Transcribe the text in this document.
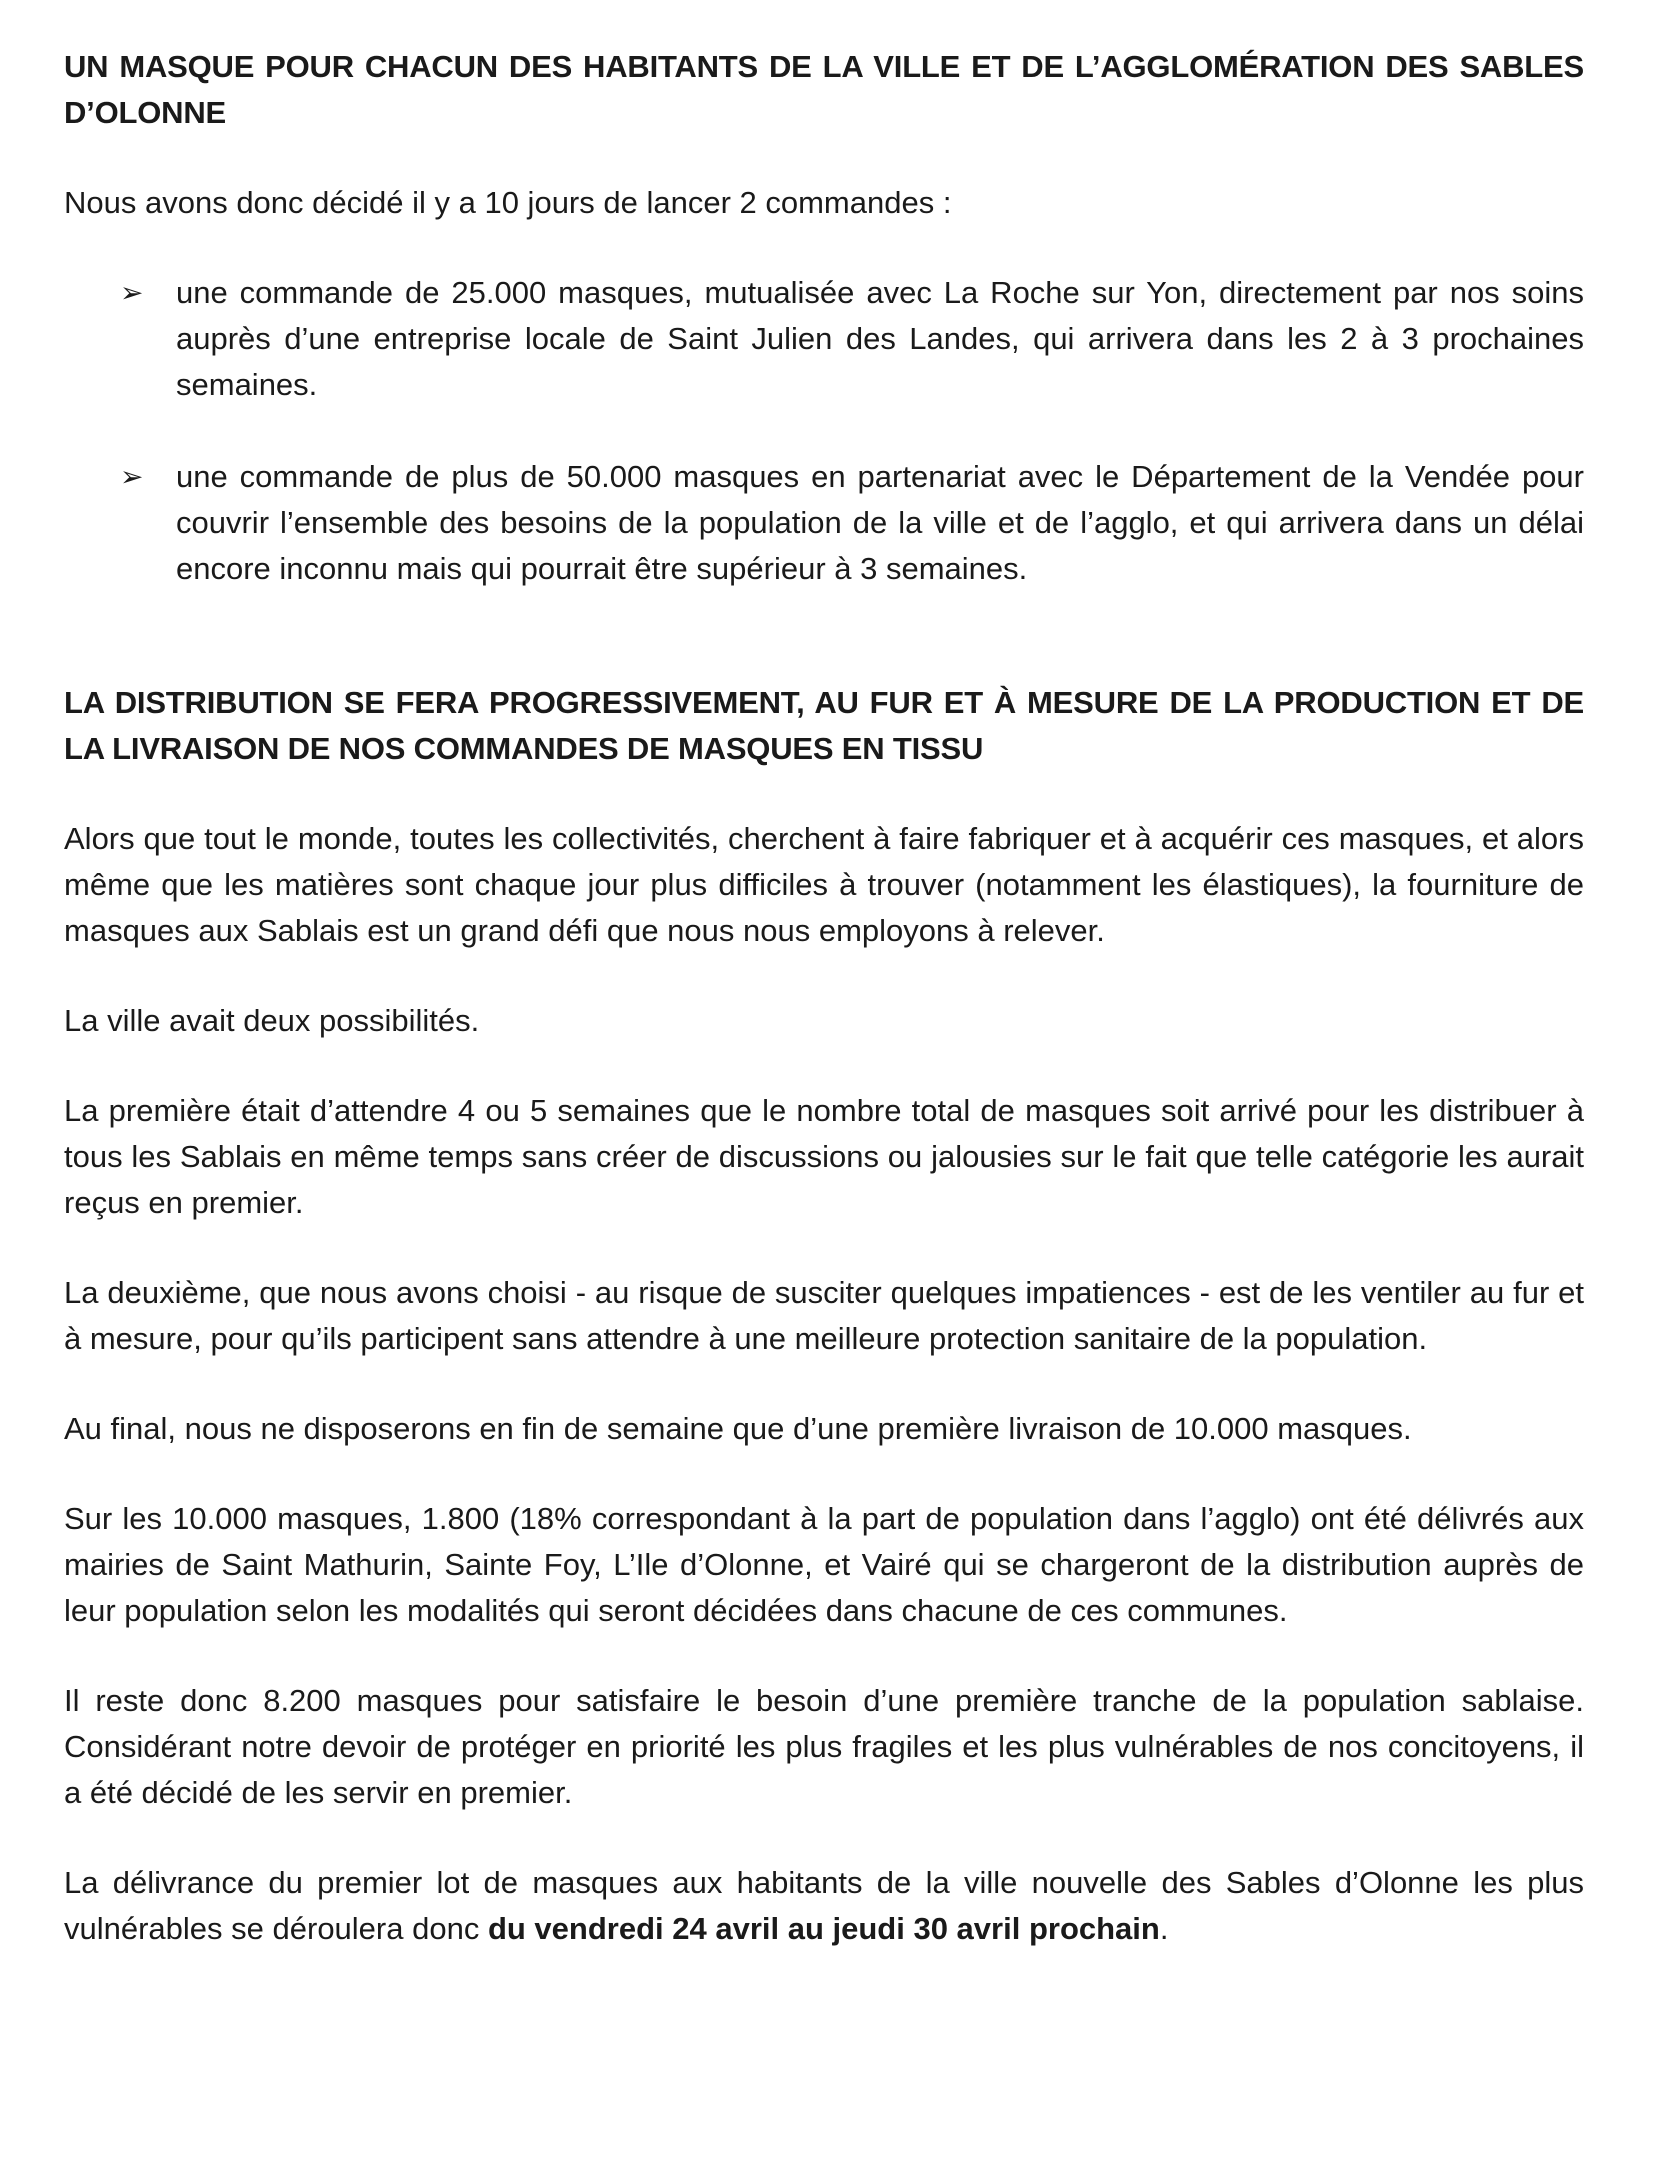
UN MASQUE POUR CHACUN DES HABITANTS DE LA VILLE ET DE L’AGGLOMÉRATION DES SABLES D’OLONNE

Nous avons donc décidé il y a 10 jours de lancer 2 commandes :

➢ une commande de 25.000 masques, mutualisée avec La Roche sur Yon, directement par nos soins auprès d’une entreprise locale de Saint Julien des Landes, qui arrivera dans les 2 à 3 prochaines semaines.
➢ une commande de plus de 50.000 masques en partenariat avec le Département de la Vendée pour couvrir l’ensemble des besoins de la population de la ville et de l’agglo, et qui arrivera dans un délai encore inconnu mais qui pourrait être supérieur à 3 semaines.
LA DISTRIBUTION SE FERA PROGRESSIVEMENT, AU FUR ET À MESURE DE LA PRODUCTION ET DE LA LIVRAISON DE NOS COMMANDES DE MASQUES EN TISSU

Alors que tout le monde, toutes les collectivités, cherchent à faire fabriquer et à acquérir ces masques, et alors même que les matières sont chaque jour plus difficiles à trouver (notamment les élastiques), la fourniture de masques aux Sablais est un grand défi que nous nous employons à relever.

La ville avait deux possibilités.

La première était d’attendre 4 ou 5 semaines que le nombre total de masques soit arrivé pour les distribuer à tous les Sablais en même temps sans créer de discussions ou jalousies sur le fait que telle catégorie les aurait reçus en premier.

La deuxième, que nous avons choisi - au risque de susciter quelques impatiences - est de les ventiler au fur et à mesure, pour qu’ils participent sans attendre à une meilleure protection sanitaire de la population.

Au final, nous ne disposerons en fin de semaine que d’une première livraison de 10.000 masques.

Sur les 10.000 masques, 1.800 (18% correspondant à la part de population dans l’agglo) ont été délivrés aux mairies de Saint Mathurin, Sainte Foy, L’Ile d’Olonne, et Vairé qui se chargeront de la distribution auprès de leur population selon les modalités qui seront décidées dans chacune de ces communes.

Il reste donc 8.200 masques pour satisfaire le besoin d’une première tranche de la population sablaise. Considérant notre devoir de protéger en priorité les plus fragiles et les plus vulnérables de nos concitoyens, il a été décidé de les servir en premier.

La délivrance du premier lot de masques aux habitants de la ville nouvelle des Sables d’Olonne les plus vulnérables se déroulera donc du vendredi 24 avril au jeudi 30 avril prochain.
